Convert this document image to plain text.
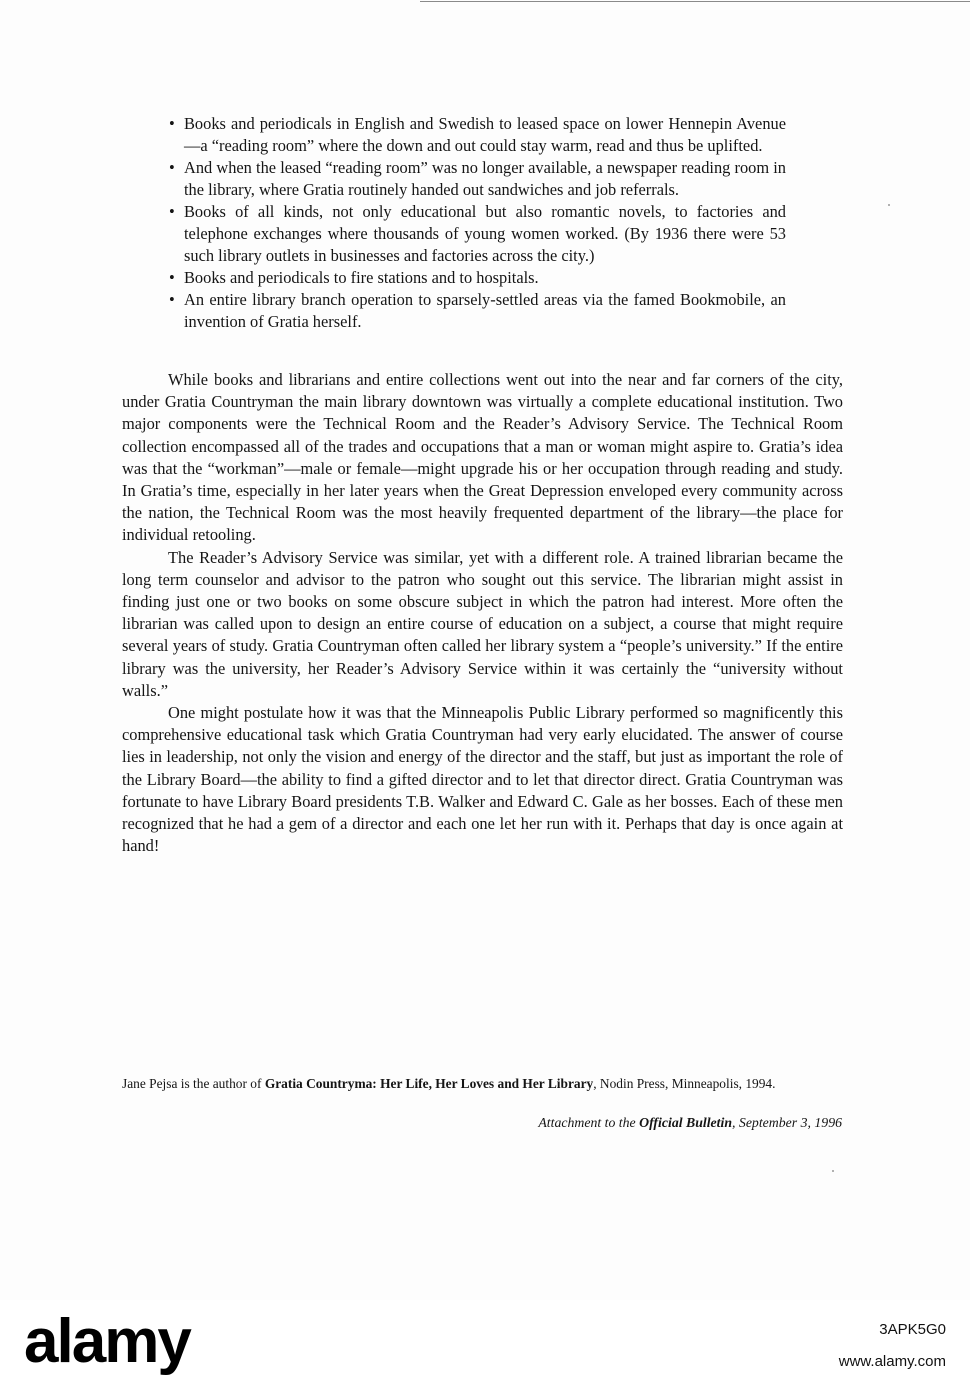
• Books and periodicals in English and Swedish to leased space on lower Hennepin Avenue—a “reading room” where the down and out could stay warm, read and thus be uplifted.
• And when the leased “reading room” was no longer available, a newspaper reading room in the library, where Gratia routinely handed out sandwiches and job referrals.
• Books of all kinds, not only educational but also romantic novels, to factories and telephone exchanges where thousands of young women worked. (By 1936 there were 53 such library outlets in businesses and factories across the city.)
• Books and periodicals to fire stations and to hospitals.
• An entire library branch operation to sparsely-settled areas via the famed Bookmobile, an invention of Gratia herself.

While books and librarians and entire collections went out into the near and far corners of the city, under Gratia Countryman the main library downtown was virtually a complete educational institution. Two major components were the Technical Room and the Reader’s Advisory Service. The Technical Room collection encompassed all of the trades and occupations that a man or woman might aspire to. Gratia’s idea was that the “workman”—male or female—might upgrade his or her occupation through reading and study. In Gratia’s time, especially in her later years when the Great Depression enveloped every community across the nation, the Technical Room was the most heavily frequented department of the library—the place for individual retooling.

The Reader’s Advisory Service was similar, yet with a different role. A trained librarian became the long term counselor and advisor to the patron who sought out this service. The librarian might assist in finding just one or two books on some obscure subject in which the patron had interest. More often the librarian was called upon to design an entire course of education on a subject, a course that might require several years of study. Gratia Countryman often called her library system a “people’s university.” If the entire library was the university, her Reader’s Advisory Service within it was certainly the “university without walls.”

One might postulate how it was that the Minneapolis Public Library performed so magnificently this comprehensive educational task which Gratia Countryman had very early elucidated. The answer of course lies in leadership, not only the vision and energy of the director and the staff, but just as important the role of the Library Board—the ability to find a gifted director and to let that director direct. Gratia Countryman was fortunate to have Library Board presidents T.B. Walker and Edward C. Gale as her bosses. Each of these men recognized that he had a gem of a director and each one let her run with it. Perhaps that day is once again at hand!

Jane Pejsa is the author of Gratia Countryma: Her Life, Her Loves and Her Library, Nodin Press, Minneapolis, 1994.
Attachment to the Official Bulletin, September 3, 1996
alamy	3APK5G0
www.alamy.com
